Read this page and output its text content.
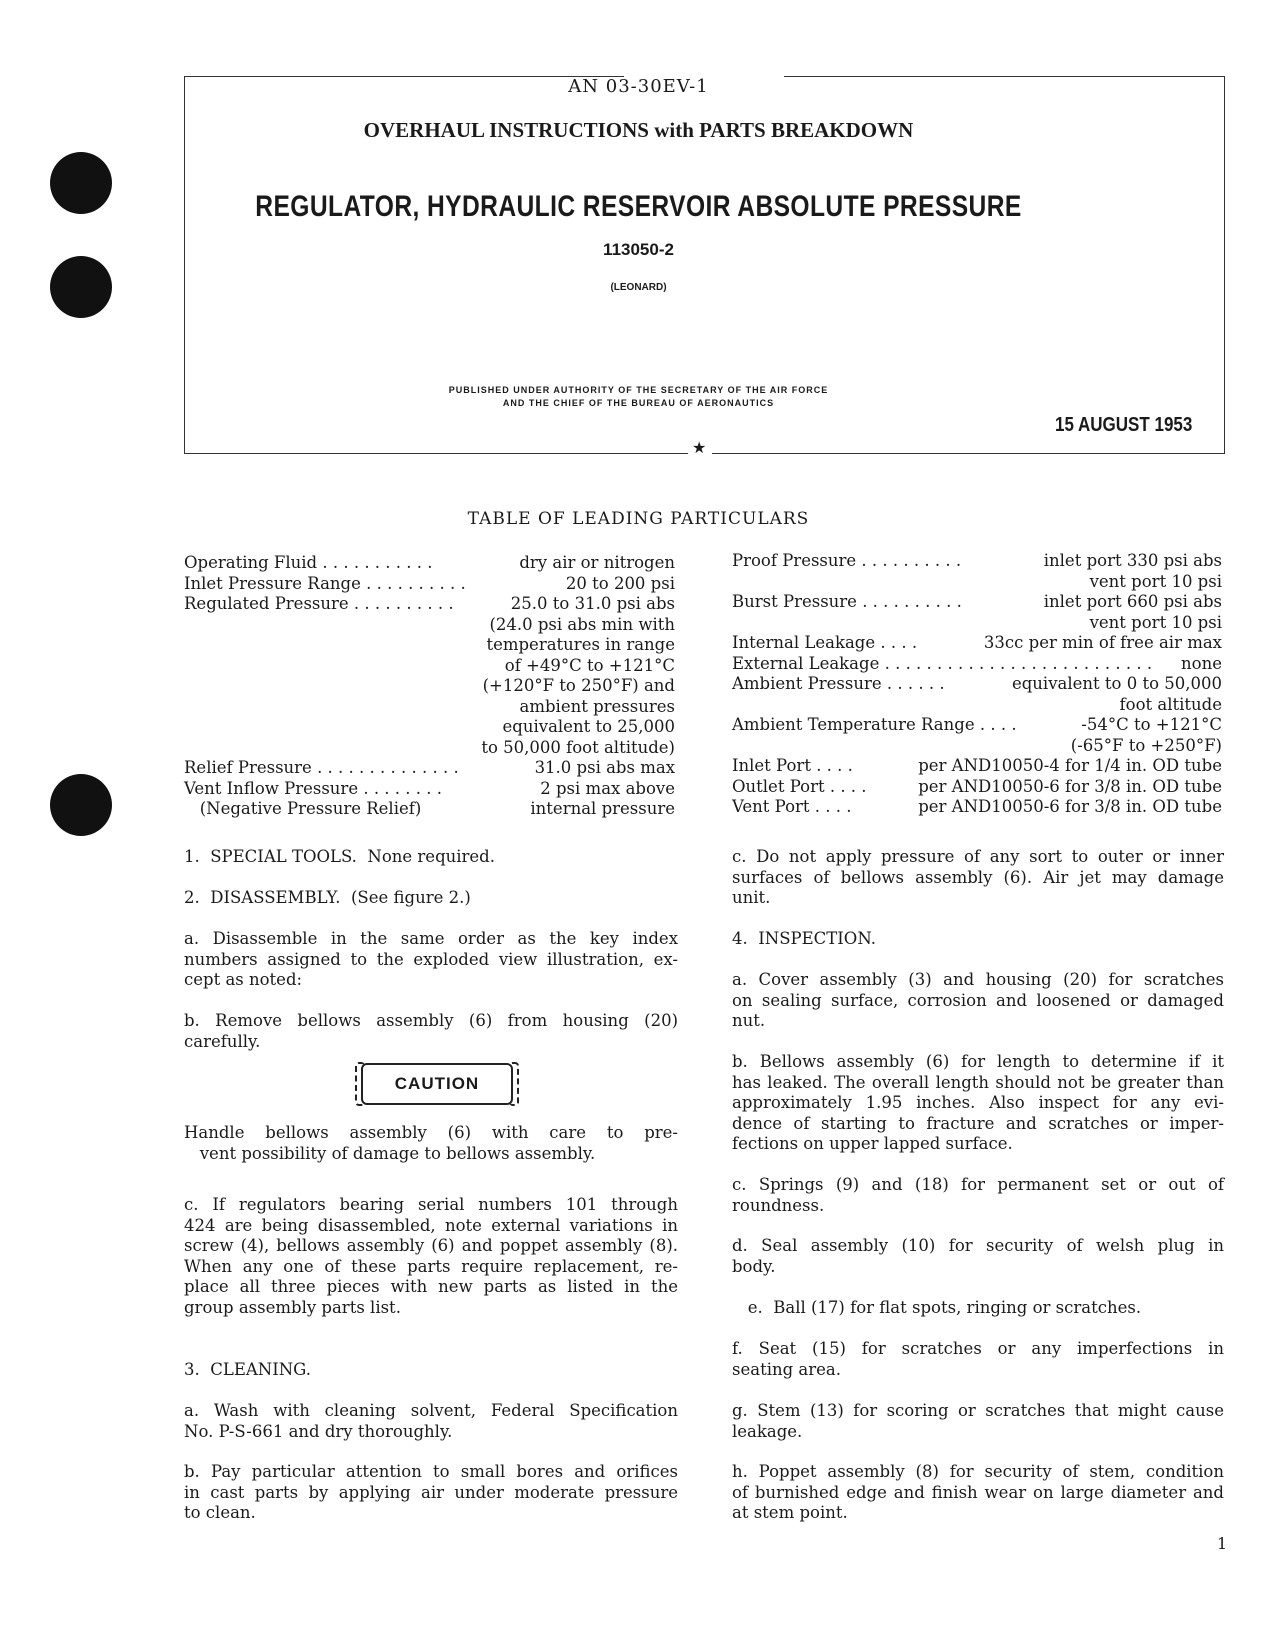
★
AN 03-30EV-1
OVERHAUL INSTRUCTIONS with PARTS BREAKDOWN
REGULATOR, HYDRAULIC RESERVOIR ABSOLUTE PRESSURE
113050-2
(LEONARD)
PUBLISHED UNDER AUTHORITY OF THE SECRETARY OF THE AIR FORCE
AND THE CHIEF OF THE BUREAU OF AERONAUTICS
15 AUGUST 1953
TABLE OF LEADING PARTICULARS
Operating Fluid . . . . . . . . . . .	dry air or nitrogen
Inlet Pressure Range . . . . . . . . . .	20 to 200 psi
Regulated Pressure . . . . . . . . . .	25.0 to 31.0 psi abs
(24.0 psi abs min with
temperatures in range
of +49°C to +121°C
(+120°F to 250°F) and
ambient pressures
equivalent to 25,000
to 50,000 foot altitude)
Relief Pressure . . . . . . . . . . . . . .	31.0 psi abs max
Vent Inflow Pressure . . . . . . . .	2 psi max above
(Negative Pressure Relief)	internal pressure
Proof Pressure . . . . . . . . . .	inlet port 330 psi abs
vent port 10 psi
Burst Pressure . . . . . . . . . .	inlet port 660 psi abs
vent port 10 psi
Internal Leakage . . . .	33cc per min of free air max
External Leakage . . . . . . . . . . . . . . . . . . . . . . . . . . none
Ambient Pressure . . . . . .	equivalent to 0 to 50,000
foot altitude
Ambient Temperature Range . . . .	-54°C to +121°C
(-65°F to +250°F)
Inlet Port . . . .	per AND10050-4 for 1/4 in. OD tube
Outlet Port . . . .	per AND10050-6 for 3/8 in. OD tube
Vent Port . . . .	per AND10050-6 for 3/8 in. OD tube
1.  SPECIAL TOOLS.  None required.
2.  DISASSEMBLY.  (See figure 2.)
a. Disassemble in the same order as the key index
numbers assigned to the exploded view illustration, ex-
cept as noted:
b. Remove bellows assembly (6) from housing (20)
carefully.
Handle bellows assembly (6) with care to pre-
vent possibility of damage to bellows assembly.
c. If regulators bearing serial numbers 101 through
424 are being disassembled, note external variations in
screw (4), bellows assembly (6) and poppet assembly (8).
When any one of these parts require replacement, re-
place all three pieces with new parts as listed in the
group assembly parts list.
3.  CLEANING.
a. Wash with cleaning solvent, Federal Specification
No. P-S-661 and dry thoroughly.
b. Pay particular attention to small bores and orifices
in cast parts by applying air under moderate pressure
to clean.
c. Do not apply pressure of any sort to outer or inner
surfaces of bellows assembly (6). Air jet may damage
unit.
4.  INSPECTION.
a. Cover assembly (3) and housing (20) for scratches
on sealing surface, corrosion and loosened or damaged
nut.
b. Bellows assembly (6) for length to determine if it
has leaked. The overall length should not be greater than
approximately 1.95 inches. Also inspect for any evi-
dence of starting to fracture and scratches or imper-
fections on upper lapped surface.
c. Springs (9) and (18) for permanent set or out of
roundness.
d. Seal assembly (10) for security of welsh plug in
body.
e.  Ball (17) for flat spots, ringing or scratches.
f. Seat (15) for scratches or any imperfections in
seating area.
g. Stem (13) for scoring or scratches that might cause
leakage.
h. Poppet assembly (8) for security of stem, condition
of burnished edge and finish wear on large diameter and
at stem point.
CAUTION
1
